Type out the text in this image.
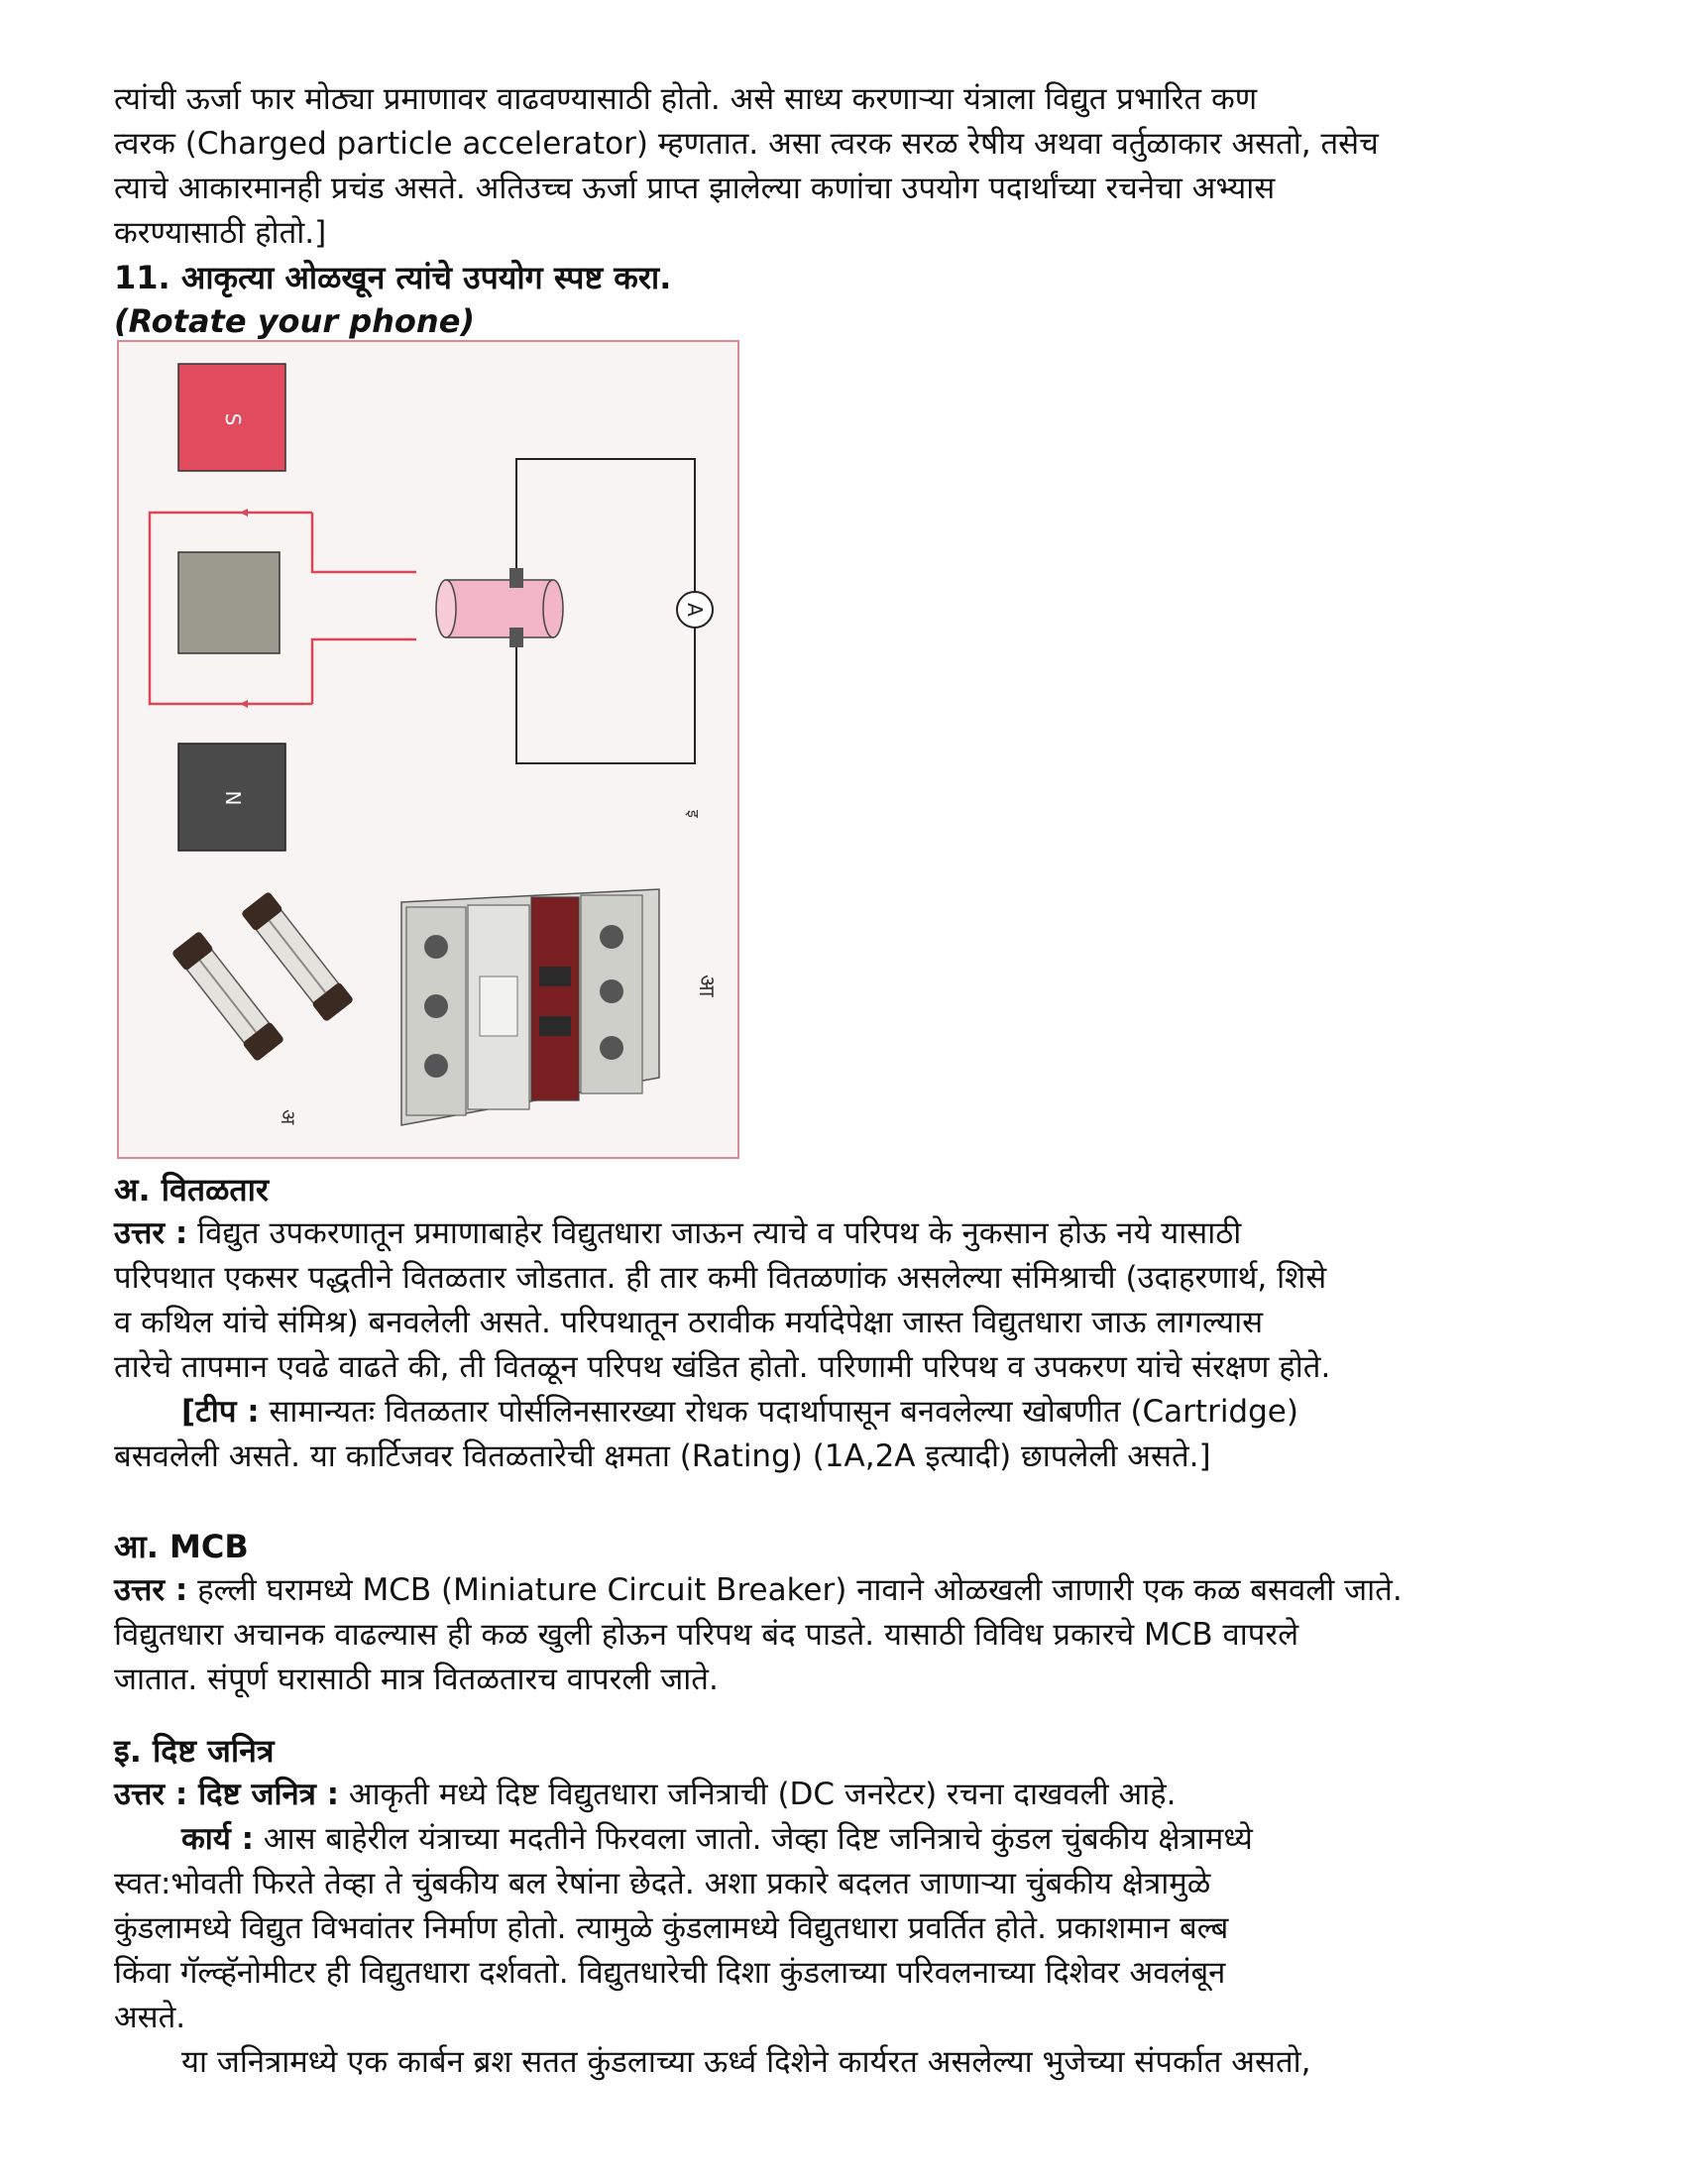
त्यांची ऊर्जा फार मोठ्या प्रमाणावर वाढवण्यासाठी होतो. असे साध्य करणाऱ्या यंत्राला विद्युत प्रभारित कण

त्वरक (Charged particle accelerator) म्हणतात. असा त्वरक सरळ रेषीय अथवा वर्तुळाकार असतो, तसेच

त्याचे आकारमानही प्रचंड असते. अतिउच्च ऊर्जा प्राप्त झालेल्या कणांचा उपयोग पदार्थांच्या रचनेचा अभ्यास

करण्यासाठी होतो.]

11. आकृत्या ओळखून त्यांचे उपयोग स्पष्ट करा.

(Rotate your phone)

S
A
N
इ
अ
आ

अ. वितळतार

उत्तर : विद्युत उपकरणातून प्रमाणाबाहेर विद्युतधारा जाऊन त्याचे व परिपथ के नुकसान होऊ नये यासाठी

परिपथात एकसर पद्धतीने वितळतार जोडतात. ही तार कमी वितळणांक असलेल्या संमिश्राची (उदाहरणार्थ, शिसे

व कथिल यांचे संमिश्र) बनवलेली असते. परिपथातून ठरावीक मर्यादेपेक्षा जास्त विद्युतधारा जाऊ लागल्यास

तारेचे तापमान एवढे वाढते की, ती वितळून परिपथ खंडित होतो. परिणामी परिपथ व उपकरण यांचे संरक्षण होते.

[टीप : सामान्यतः वितळतार पोर्सलिनसारख्या रोधक पदार्थापासून बनवलेल्या खोबणीत (Cartridge)

बसवलेली असते. या कार्टिजवर वितळतारेची क्षमता (Rating) (1A,2A इत्यादी) छापलेली असते.]

आ. MCB

उत्तर : हल्ली घरामध्ये MCB (Miniature Circuit Breaker) नावाने ओळखली जाणारी एक कळ बसवली जाते.

विद्युतधारा अचानक वाढल्यास ही कळ खुली होऊन परिपथ बंद पाडते. यासाठी विविध प्रकारचे MCB वापरले

जातात. संपूर्ण घरासाठी मात्र वितळतारच वापरली जाते.

इ. दिष्ट जनित्र

उत्तर : दिष्ट जनित्र : आकृती मध्ये दिष्ट विद्युतधारा जनित्राची (DC जनरेटर) रचना दाखवली आहे.

कार्य : आस बाहेरील यंत्राच्या मदतीने फिरवला जातो. जेव्हा दिष्ट जनित्राचे कुंडल चुंबकीय क्षेत्रामध्ये

स्वत:भोवती फिरते तेव्हा ते चुंबकीय बल रेषांना छेदते. अशा प्रकारे बदलत जाणाऱ्या चुंबकीय क्षेत्रामुळे

कुंडलामध्ये विद्युत विभवांतर निर्माण होतो. त्यामुळे कुंडलामध्ये विद्युतधारा प्रवर्तित होते. प्रकाशमान बल्ब

किंवा गॅल्व्हॅनोमीटर ही विद्युतधारा दर्शवतो. विद्युतधारेची दिशा कुंडलाच्या परिवलनाच्या दिशेवर अवलंबून

असते.

या जनित्रामध्ये एक कार्बन ब्रश सतत कुंडलाच्या ऊर्ध्व दिशेने कार्यरत असलेल्या भुजेच्या संपर्कात असतो,
